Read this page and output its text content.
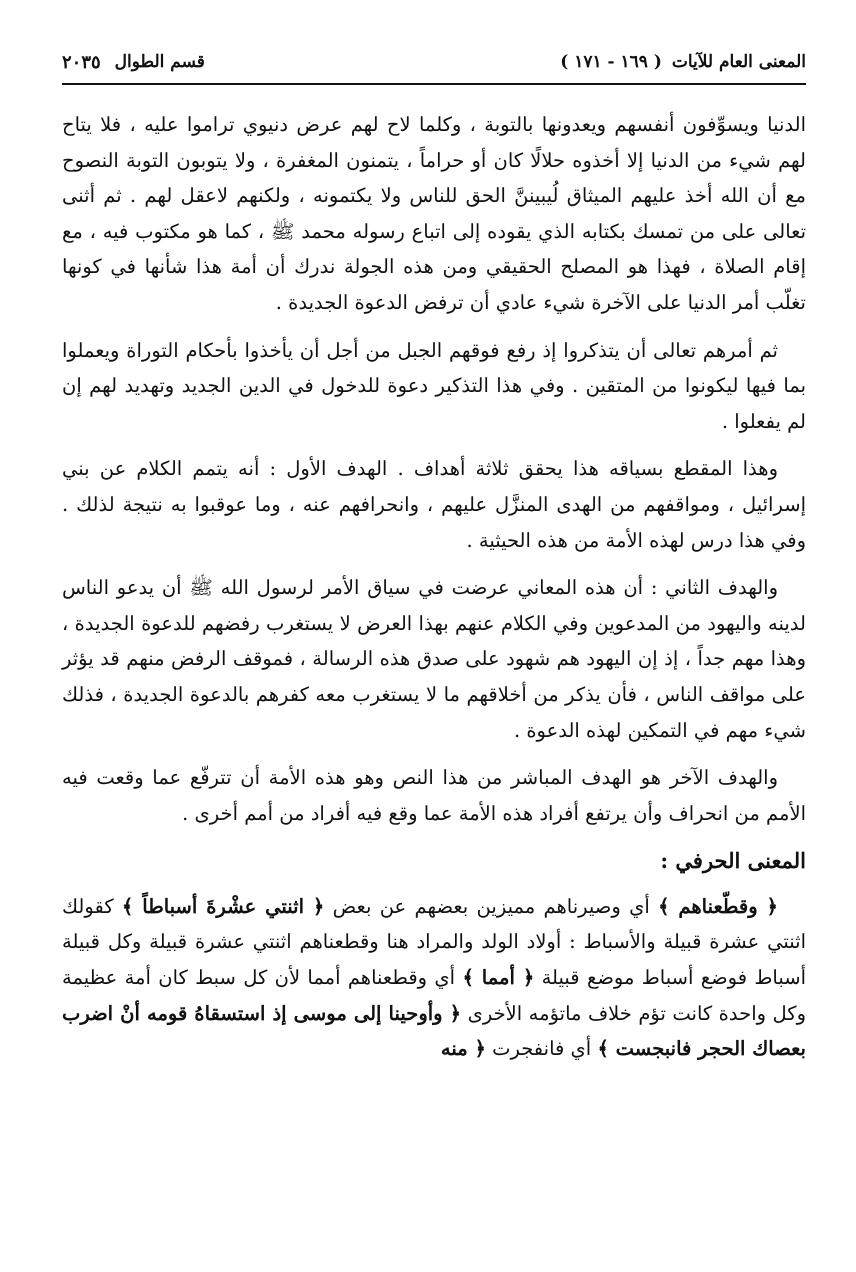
المعنى العام للآيات
( ١٦٩ - ١٧١ )
قسم الطوال
٢٠٣٥

الدنيا ويسوِّفون أنفسهم ويعدونها بالتوبة ، وكلما لاح لهم عرض دنيوي تراموا عليه ، فلا يتاح لهم شيء من الدنيا إلا أخذوه حلالًا كان أو حراماً ، يتمنون المغفرة ، ولا يتوبون التوبة النصوح مع أن الله أخذ عليهم الميثاق لُيبيننَّ الحق للناس ولا يكتمونه ، ولكنهم لاعقل لهم . ثم أثنى تعالى على من تمسك بكتابه الذي يقوده إلى اتباع رسوله محمد ﷺ ، كما هو مكتوب فيه ، مع إقام الصلاة ، فهذا هو المصلح الحقيقي ومن هذه الجولة ندرك أن أمة هذا شأنها في كونها تغلّب أمر الدنيا على الآخرة شيء عادي أن ترفض الدعوة الجديدة .

ثم أمرهم تعالى أن يتذكروا إذ رفع فوقهم الجبل من أجل أن يأخذوا بأحكام التوراة ويعملوا بما فيها ليكونوا من المتقين . وفي هذا التذكير دعوة للدخول في الدين الجديد وتهديد لهم إن لم يفعلوا .

وهذا المقطع بسياقه هذا يحقق ثلاثة أهداف . الهدف الأول : أنه يتمم الكلام عن بني إسرائيل ، ومواقفهم من الهدى المنزَّل عليهم ، وانحرافهم عنه ، وما عوقبوا به نتيجة لذلك . وفي هذا درس لهذه الأمة من هذه الحيثية .

والهدف الثاني : أن هذه المعاني عرضت في سياق الأمر لرسول الله ﷺ أن يدعو الناس لدينه واليهود من المدعوين وفي الكلام عنهم بهذا العرض لا يستغرب رفضهم للدعوة الجديدة ، وهذا مهم جداً ، إذ إن اليهود هم شهود على صدق هذه الرسالة ، فموقف الرفض منهم قد يؤثر على مواقف الناس ، فأن يذكر من أخلاقهم ما لا يستغرب معه كفرهم بالدعوة الجديدة ، فذلك شيء مهم في التمكين لهذه الدعوة .

والهدف الآخر هو الهدف المباشر من هذا النص وهو هذه الأمة أن تترفّع عما وقعت فيه الأمم من انحراف وأن يرتفع أفراد هذه الأمة عما وقع فيه أفراد من أمم أخرى .

المعنى الحرفي :

﴿ وقطّعناهم ﴾ أي وصيرناهم مميزين بعضهم عن بعض ﴿ اثنتي عشْرةَ أسباطاً ﴾ كقولك اثنتي عشرة قبيلة والأسباط : أولاد الولد والمراد هنا وقطعناهم اثنتي عشرة قبيلة وكل قبيلة أسباط فوضع أسباط موضع قبيلة ﴿ أمما ﴾ أي وقطعناهم أمما لأن كل سبط كان أمة عظيمة وكل واحدة كانت تؤم خلاف ماتؤمه الأخرى ﴿ وأوحينا إلى موسى إذ استسقاهُ قومه أنْ اضرب بعصاك الحجر فانبجست ﴾ أي فانفجرت ﴿ منه
